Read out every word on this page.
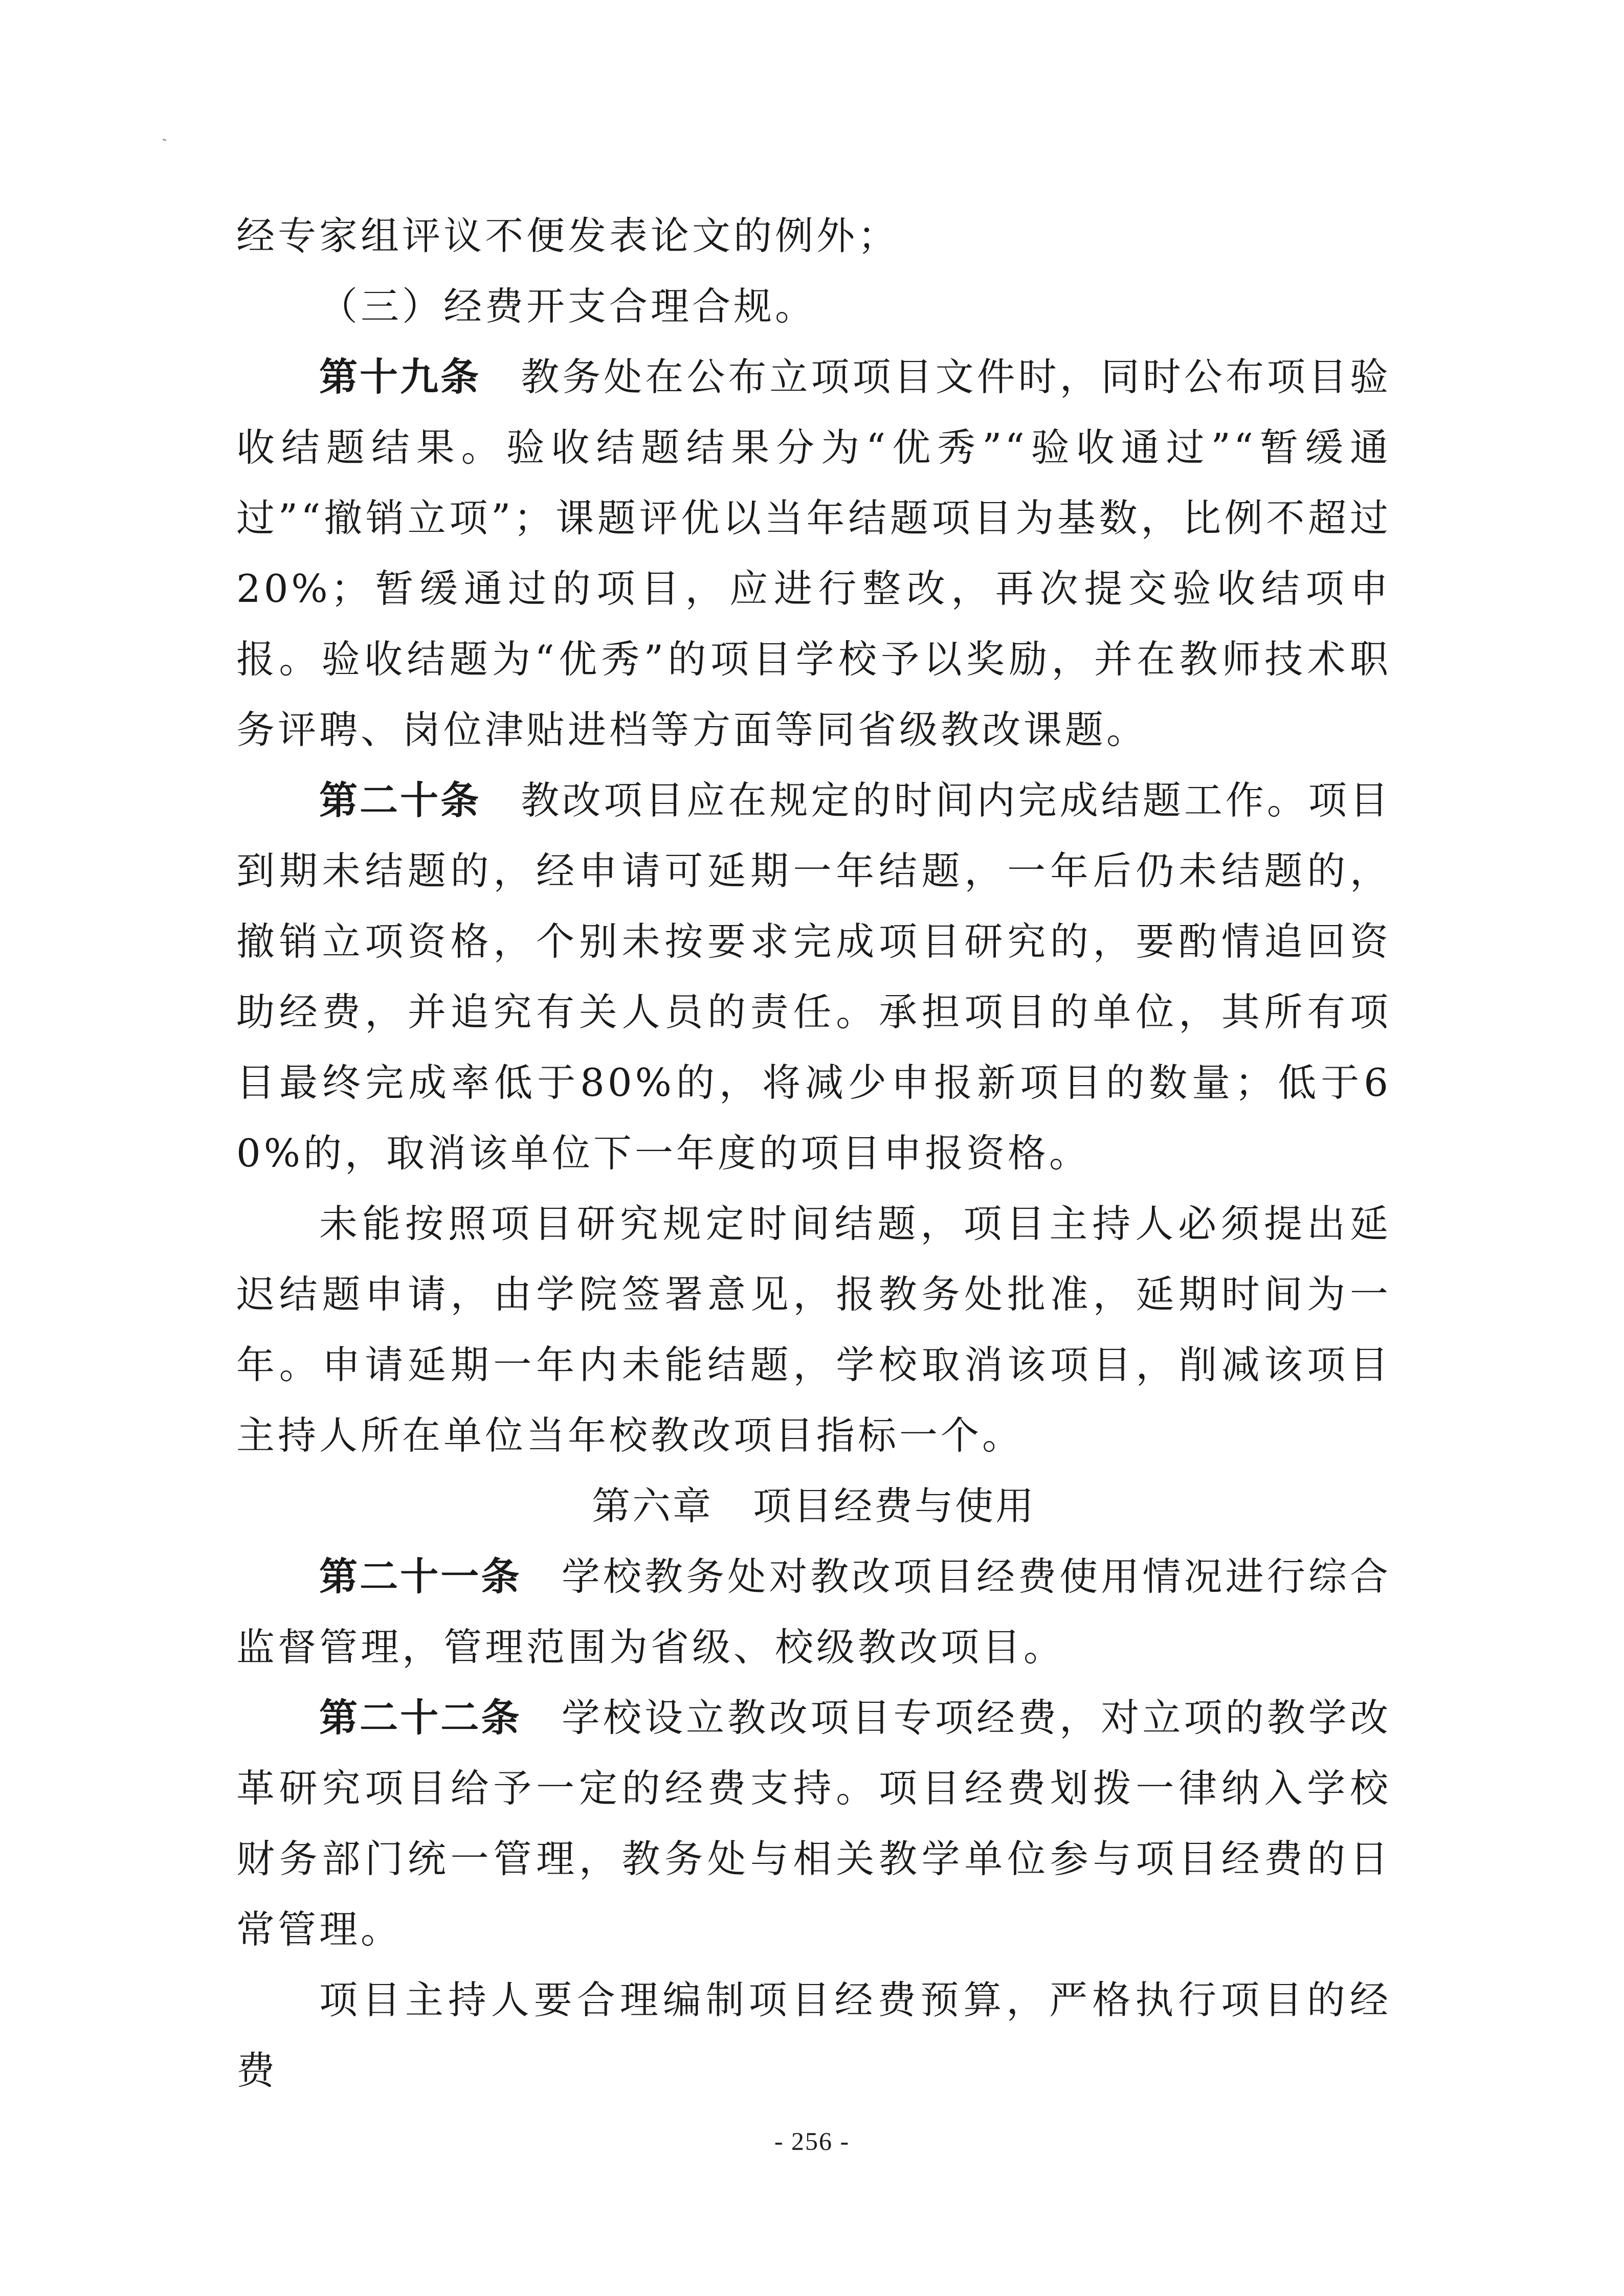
经专家组评议不便发表论文的例外；

（三）经费开支合理合规。

第十九条 教务处在公布立项项目文件时，同时公布项目验收结题结果。验收结题结果分为“优秀”“验收通过”“暂缓通过”“撤销立项”；课题评优以当年结题项目为基数，比例不超过20%；暂缓通过的项目，应进行整改，再次提交验收结项申报。验收结题为“优秀”的项目学校予以奖励，并在教师技术职务评聘、岗位津贴进档等方面等同省级教改课题。

第二十条 教改项目应在规定的时间内完成结题工作。项目到期未结题的，经申请可延期一年结题，一年后仍未结题的，撤销立项资格，个别未按要求完成项目研究的，要酌情追回资助经费，并追究有关人员的责任。承担项目的单位，其所有项目最终完成率低于80%的，将减少申报新项目的数量；低于60%的，取消该单位下一年度的项目申报资格。

未能按照项目研究规定时间结题，项目主持人必须提出延迟结题申请，由学院签署意见，报教务处批准，延期时间为一年。申请延期一年内未能结题，学校取消该项目，削减该项目主持人所在单位当年校教改项目指标一个。

第六章 项目经费与使用

第二十一条 学校教务处对教改项目经费使用情况进行综合监督管理，管理范围为省级、校级教改项目。

第二十二条 学校设立教改项目专项经费，对立项的教学改革研究项目给予一定的经费支持。项目经费划拨一律纳入学校财务部门统一管理，教务处与相关教学单位参与项目经费的日常管理。

项目主持人要合理编制项目经费预算，严格执行项目的经费

- 256 -
